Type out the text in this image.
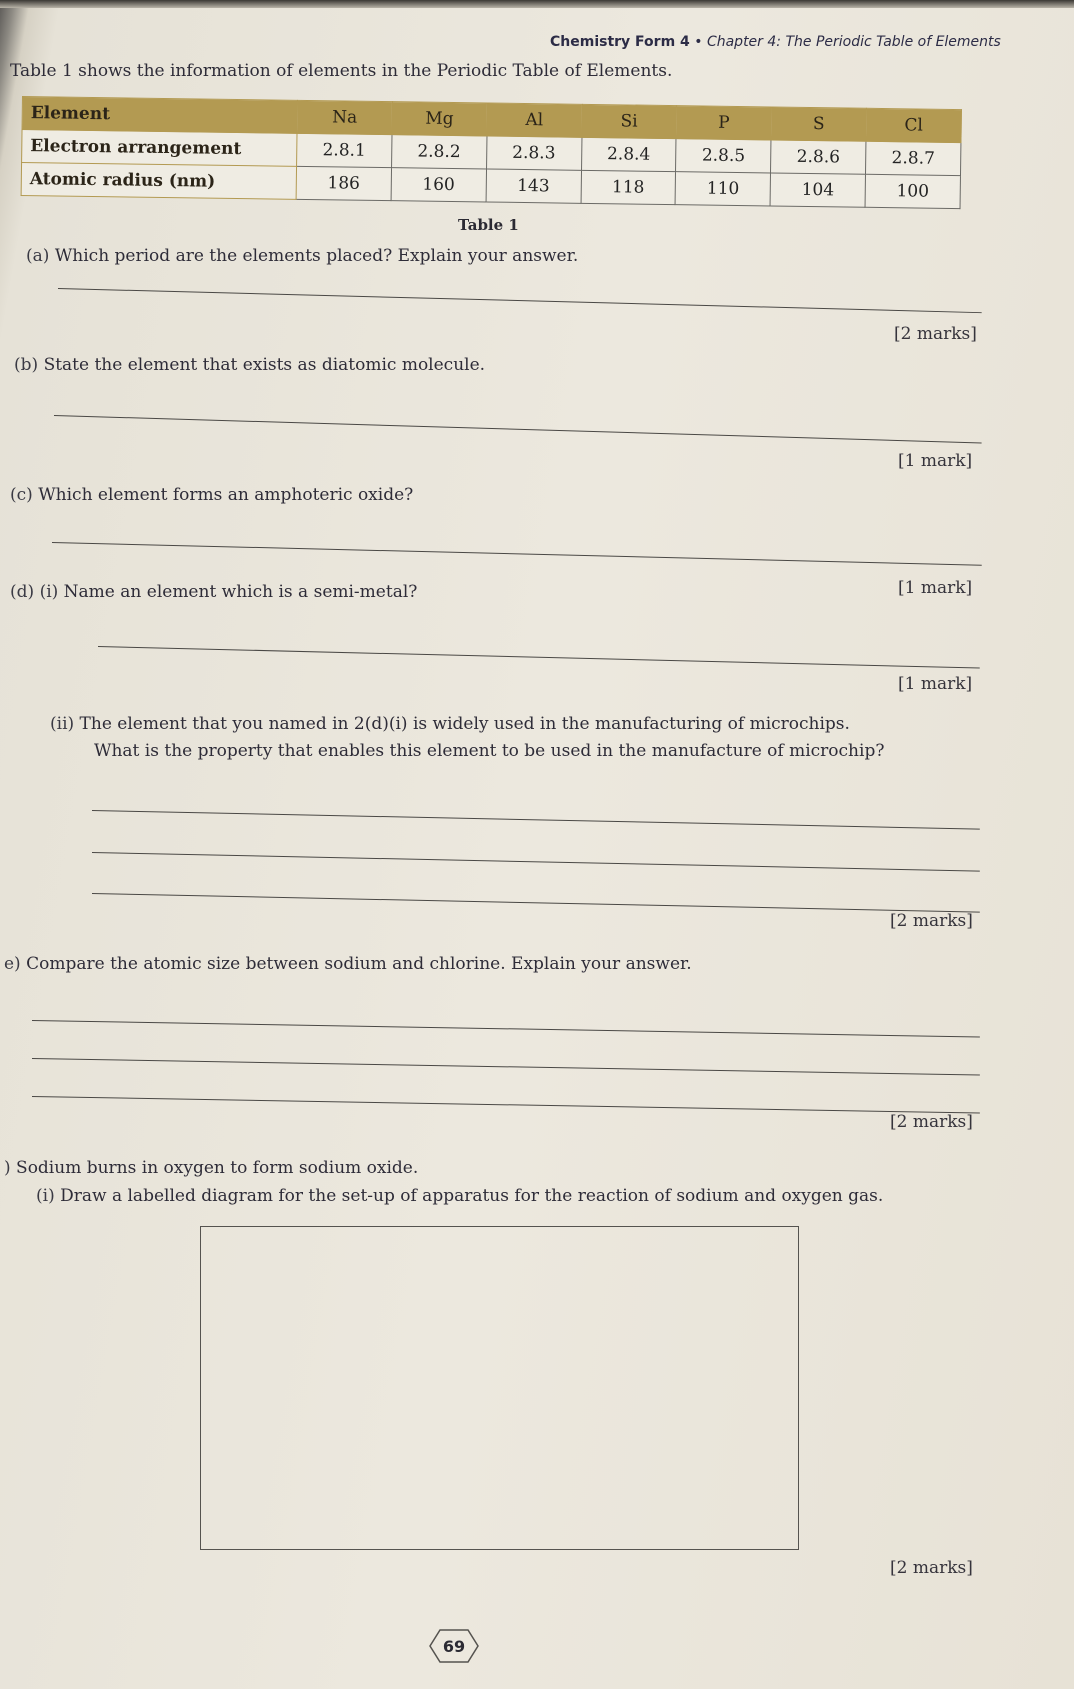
Chemistry Form 4 • Chapter 4: The Periodic Table of Elements
Table 1 shows the information of elements in the Periodic Table of Elements.
Element	Na	Mg	Al	Si	P	S	Cl
Electron arrangement	2.8.1	2.8.2	2.8.3	2.8.4	2.8.5	2.8.6	2.8.7
Atomic radius (nm)	186	160	143	118	110	104	100
Table 1
(a) Which period are the elements placed? Explain your answer.
[2 marks]
(b) State the element that exists as diatomic molecule.
[1 mark]
(c) Which element forms an amphoteric oxide?
[1 mark]
(d) (i) Name an element which is a semi-metal?
[1 mark]
(ii) The element that you named in 2(d)(i) is widely used in the manufacturing of microchips.
What is the property that enables this element to be used in the manufacture of microchip?
[2 marks]
e) Compare the atomic size between sodium and chlorine. Explain your answer.
[2 marks]
) Sodium burns in oxygen to form sodium oxide.
(i) Draw a labelled diagram for the set-up of apparatus for the reaction of sodium and oxygen gas.
[2 marks]
69
